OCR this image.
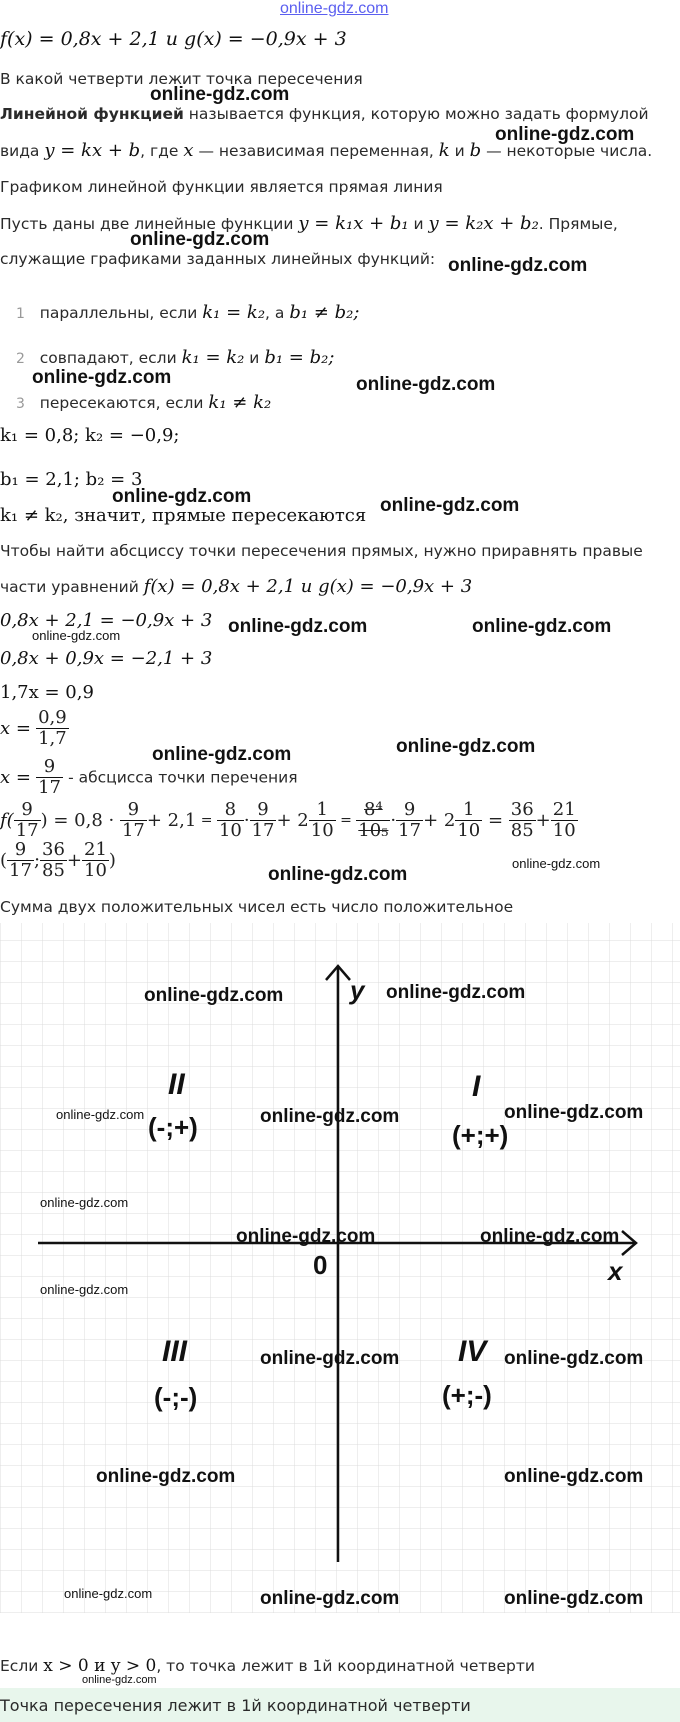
online-gdz.com
f(x) = 0,8x + 2,1 и g(x) = −0,9x + 3
В какой четверти лежит точка пересечения
online-gdz.com
Линейной функцией называется функция, которую можно задать формулой
online-gdz.com
вида y = kx + b, где x — независимая переменная, k и b — некоторые числа.
Графиком линейной функции является прямая линия
Пусть даны две линейные функции y = k₁x + b₁ и y = k₂x + b₂. Прямые,
online-gdz.com
служащие графиками заданных линейных функций: online-gdz.com
1 параллельны, если k₁ = k₂, а b₁ ≠ b₂;
2 совпадают, если k₁ = k₂ и b₁ = b₂;
online-gdz.com	online-gdz.com
3 пересекаются, если k₁ ≠ k₂
k₁ = 0,8; k₂ = −0,9;
b₁ = 2,1; b₂ = 3
online-gdz.com
k₁ ≠ k₂, значит, прямые пересекаются online-gdz.com
Чтобы найти абсциссу точки пересечения прямых, нужно приравнять правые
части уравнений f(x) = 0,8x + 2,1 и g(x) = −0,9x + 3
0,8x + 2,1 = −0,9x + 3
online-gdz.com	online-gdz.com	online-gdz.com
0,8x + 0,9x = −2,1 + 3
1,7x = 0,9
$x = \frac{0,9}{1,7}$
online-gdz.com	online-gdz.com
$x = \frac{9}{17}$ - абсцисса точки перечения
$f( \frac{9}{17}$ ) = $0,8 \cdot \frac{9}{17} + 2,1 = \frac{8}{10} \cdot \frac{9}{17} + 2 \frac{1}{10} = \frac{\text{8⁴}}{\text{10₅}} \cdot \frac{9}{17} + 2 \frac{1}{10} = \frac{36}{85} + \frac{21}{10}$
( $\frac{9}{17}$ ; $\frac{36}{85} + \frac{21}{10}$ )	online-gdz.com
online-gdz.com
Сумма двух положительных чисел есть число положительное
y
x
0
II
(-;+)
I
(+;+)
III
(-;-)
IV
(+;-)
online-gdz.com	online-gdz.com
online-gdz.com	online-gdz.com	online-gdz.com
online-gdz.com
online-gdz.com	online-gdz.com
online-gdz.com
online-gdz.com	online-gdz.com
online-gdz.com	online-gdz.com
online-gdz.com	online-gdz.com	online-gdz.com
Если x > 0 и y > 0, то точка лежит в 1й координатной четверти
online-gdz.com
Точка пересечения лежит в 1й координатной четверти
